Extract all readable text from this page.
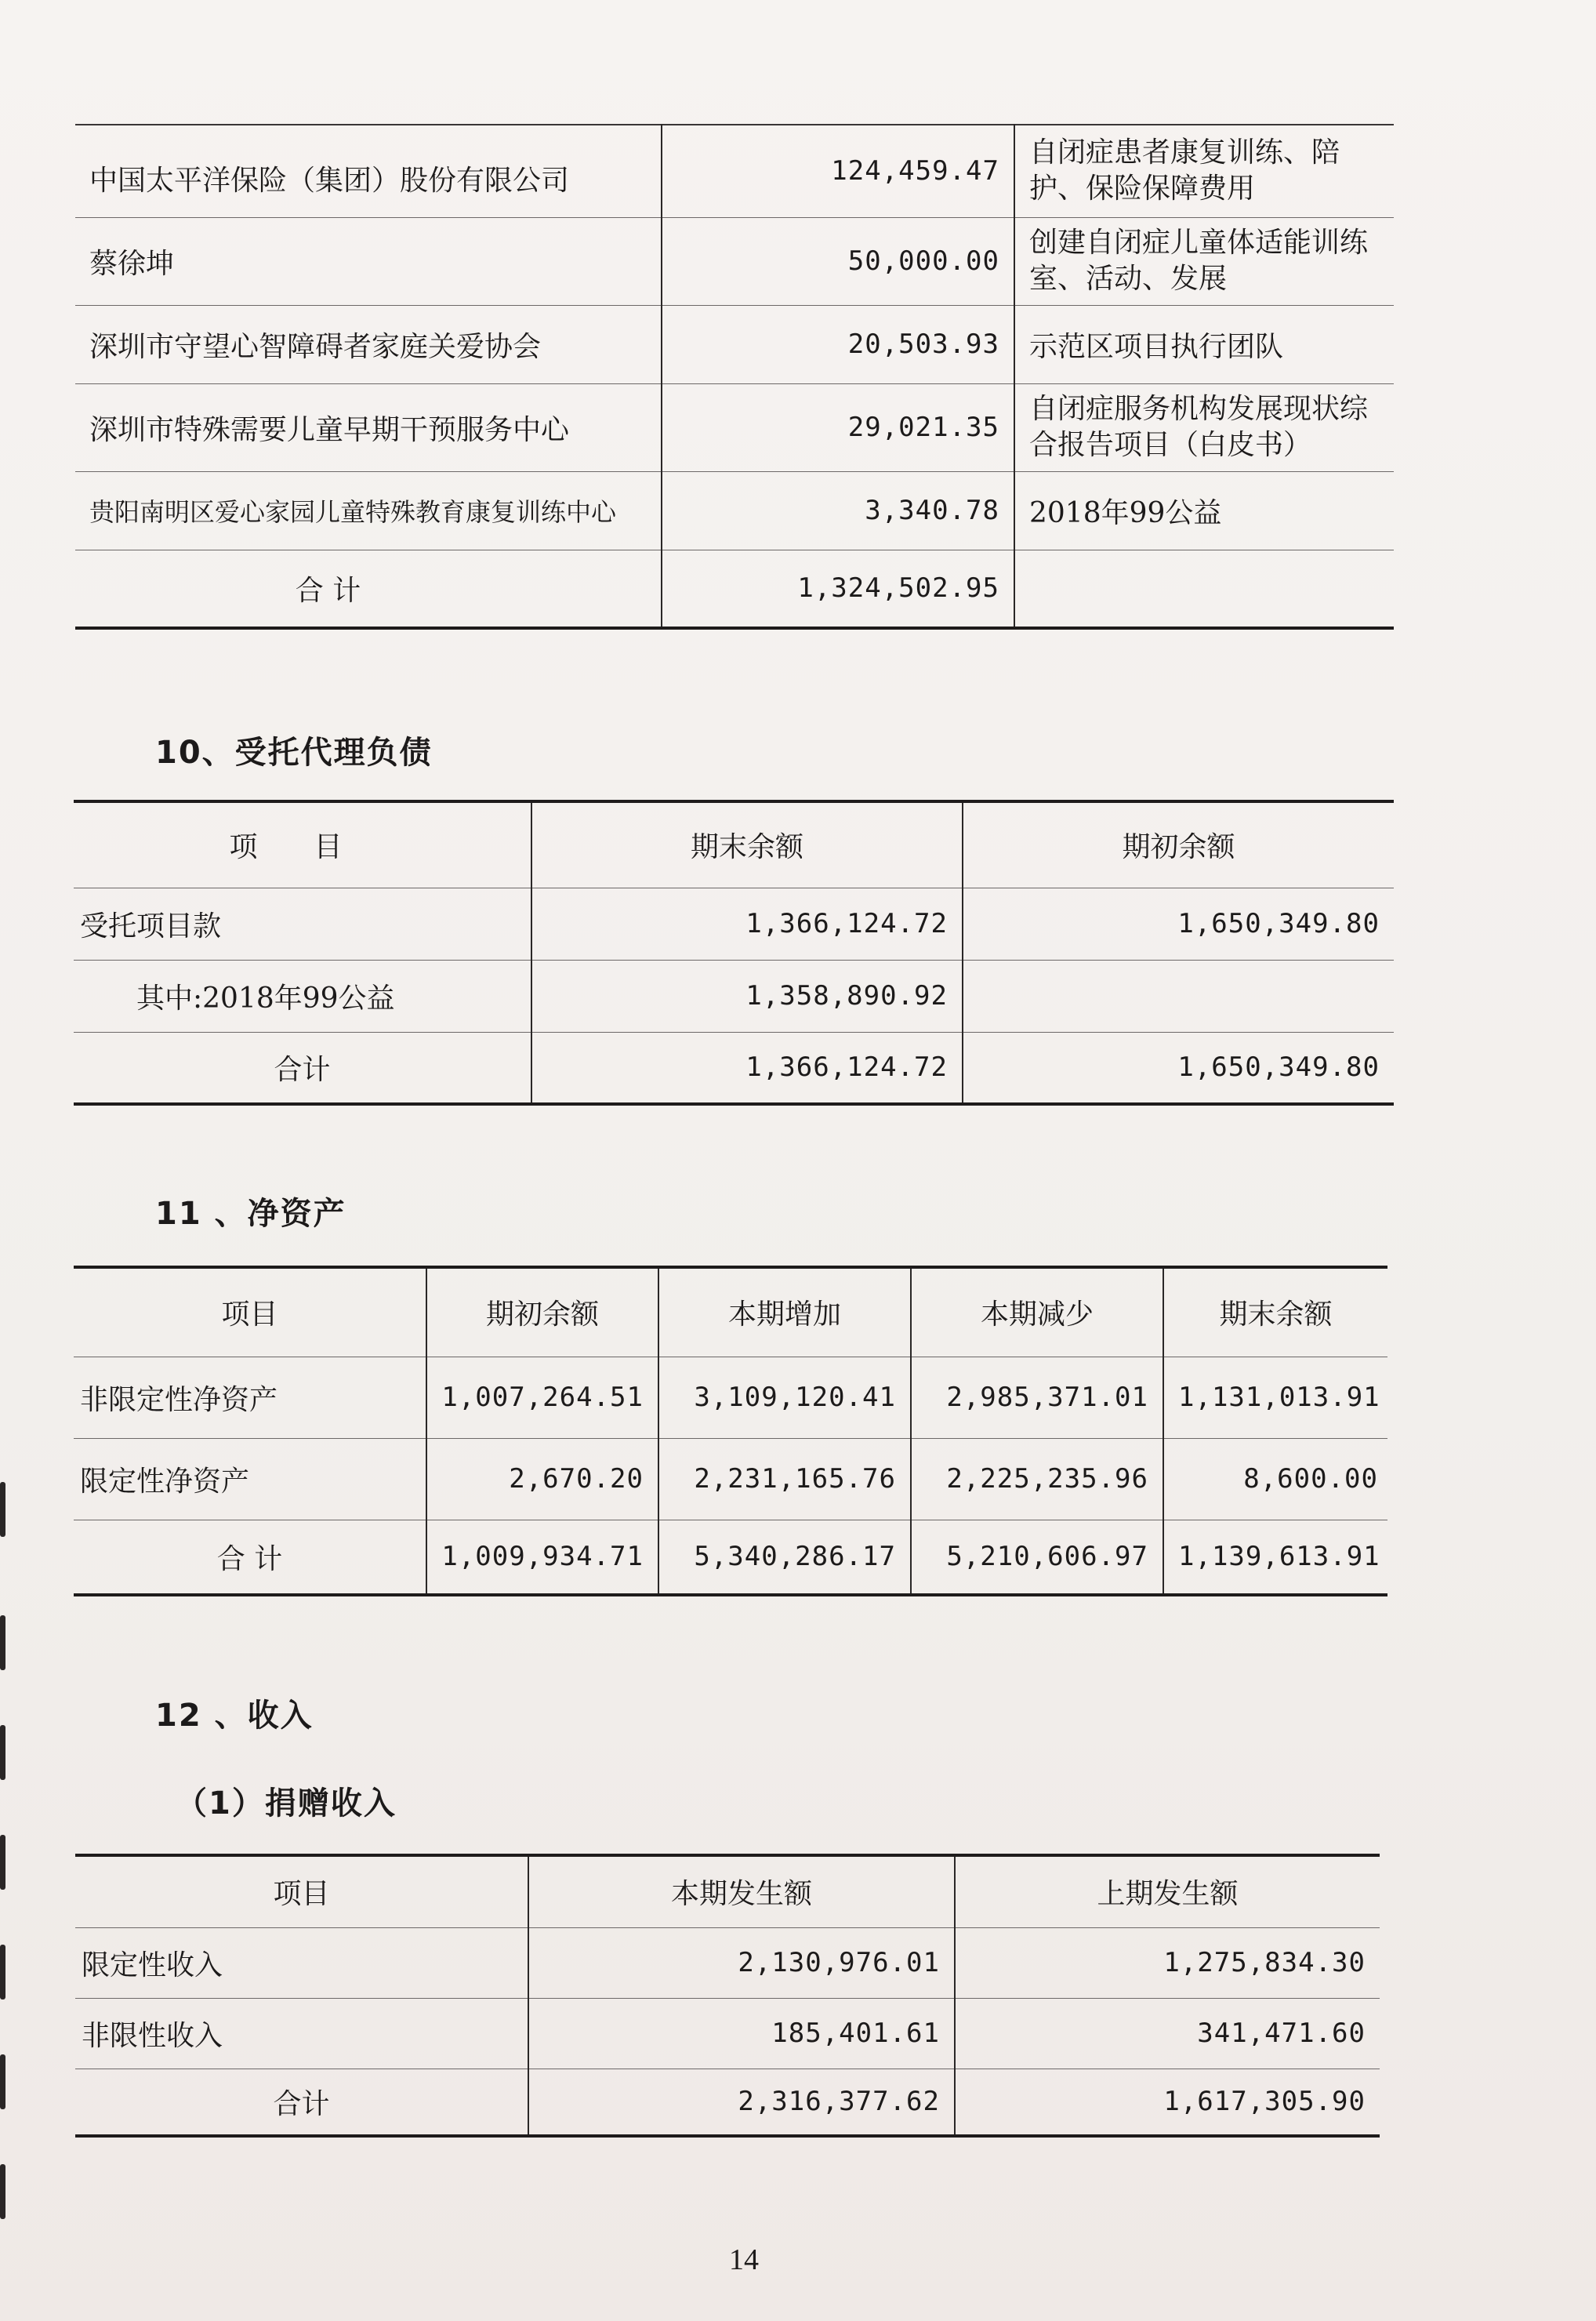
中国太平洋保险（集团）股份有限公司	124,459.47	自闭症患者康复训练、陪护、保险保障费用
蔡徐坤	50,000.00	创建自闭症儿童体适能训练室、活动、发展
深圳市守望心智障碍者家庭关爱协会	20,503.93	示范区项目执行团队
深圳市特殊需要儿童早期干预服务中心	29,021.35	自闭症服务机构发展现状综合报告项目（白皮书）
贵阳南明区爱心家园儿童特殊教育康复训练中心	3,340.78	2018年99公益
合 计	1,324,502.95	
10、受托代理负债
项　　目	期末余额	期初余额
受托项目款	1,366,124.72	1,650,349.80
其中:2018年99公益	1,358,890.92	
合计	1,366,124.72	1,650,349.80
11 、净资产
项目	期初余额	本期增加	本期减少	期末余额
非限定性净资产	1,007,264.51	3,109,120.41	2,985,371.01	1,131,013.91
限定性净资产	2,670.20	2,231,165.76	2,225,235.96	8,600.00
合 计	1,009,934.71	5,340,286.17	5,210,606.97	1,139,613.91
12 、收入
（1）捐赠收入
项目	本期发生额	上期发生额
限定性收入	2,130,976.01	1,275,834.30
非限性收入	185,401.61	341,471.60
合计	2,316,377.62	1,617,305.90
14
